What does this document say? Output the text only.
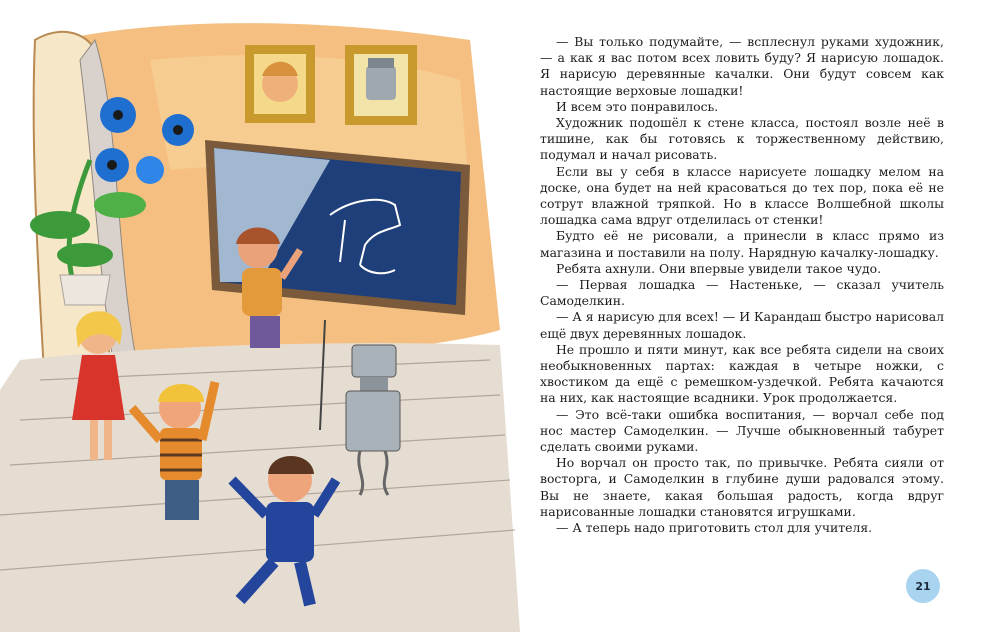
— Вы только подумайте, — всплеснул руками художник, — а как я вас потом всех ловить буду? Я нарисую лошадок. Я нарисую деревянные качалки. Они будут совсем как настоящие верховые лошадки!

И всем это понравилось.

Художник подошёл к стене класса, постоял возле неё в тишине, как бы готовясь к торжественному действию, подумал и начал рисовать.

Если вы у себя в классе нарисуете лошадку мелом на доске, она будет на ней красоваться до тех пор, пока её не сотрут влажной тряпкой. Но в классе Волшебной школы лошадка сама вдруг отделилась от стенки!

Будто её не рисовали, а принесли в класс прямо из магазина и поставили на полу. Нарядную качалку-лошадку.

Ребята ахнули. Они впервые увидели такое чудо.

— Первая лошадка — Настеньке, — сказал учитель Самоделкин.

— А я нарисую для всех! — И Карандаш быстро нарисовал ещё двух деревянных лошадок.

Не прошло и пяти минут, как все ребята сидели на своих необыкновенных партах: каждая в четыре ножки, с хвостиком да ещё с ремешком-уздечкой. Ребята качаются на них, как настоящие всадники. Урок продолжается.

— Это всё-таки ошибка воспитания, — ворчал себе под нос мастер Самоделкин. — Лучше обыкновенный табурет сделать своими руками.

Но ворчал он просто так, по привычке. Ребята сияли от восторга, и Самоделкин в глубине души радовался этому. Вы не знаете, какая большая радость, когда вдруг нарисованные лошадки становятся игрушками.

— А теперь надо приготовить стол для учителя.

21
